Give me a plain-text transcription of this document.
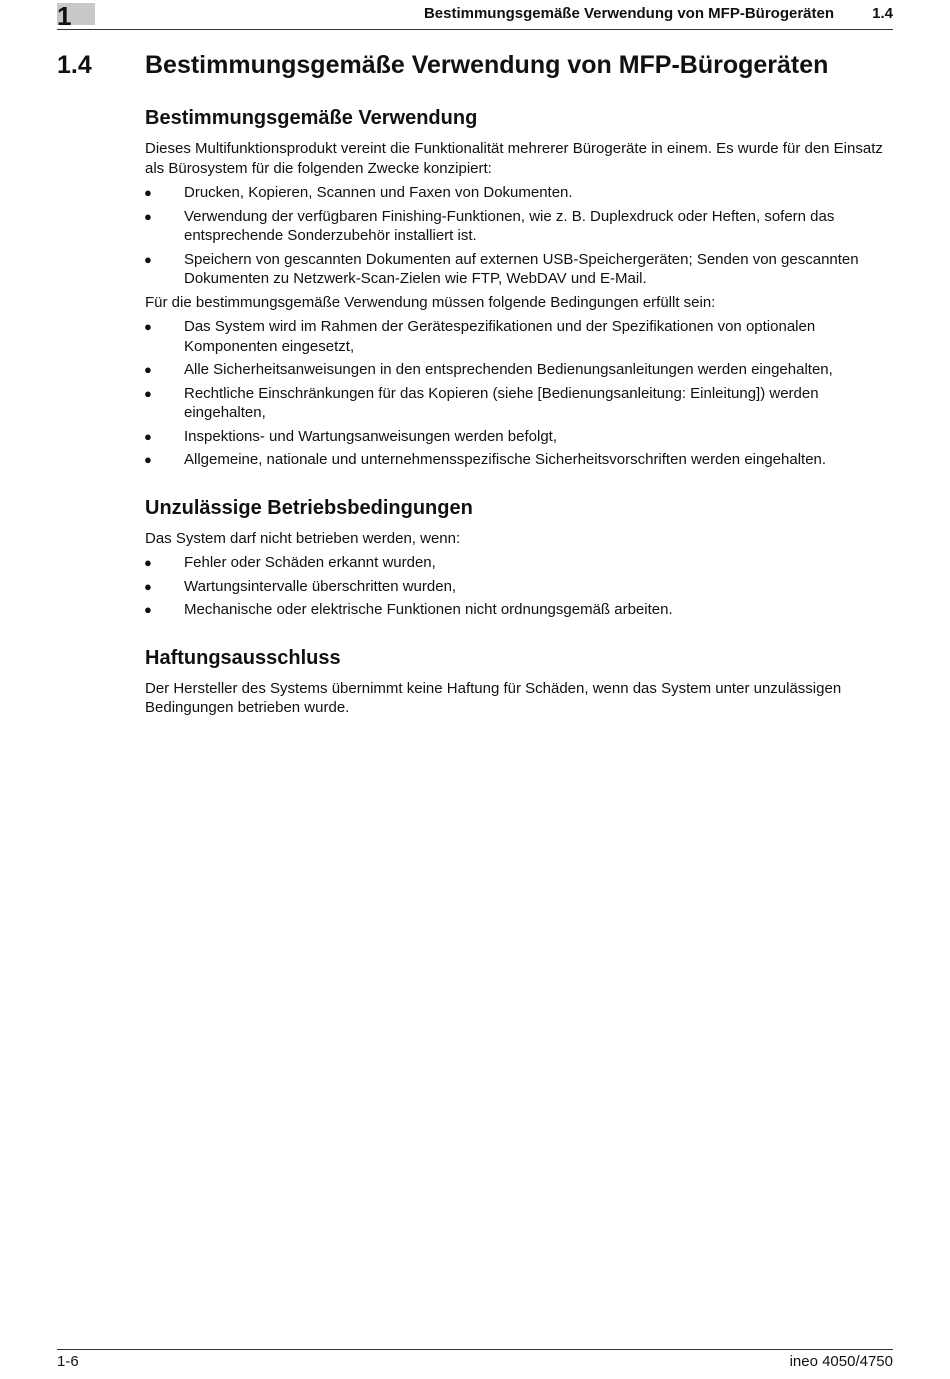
1	Bestimmungsgemäße Verwendung von MFP-Bürogeräten	1.4
1.4 Bestimmungsgemäße Verwendung von MFP-Bürogeräten
Bestimmungsgemäße Verwendung

Dieses Multifunktionsprodukt vereint die Funktionalität mehrerer Bürogeräte in einem. Es wurde für den Einsatz als Bürosystem für die folgenden Zwecke konzipiert:

● Drucken, Kopieren, Scannen und Faxen von Dokumenten.
● Verwendung der verfügbaren Finishing-Funktionen, wie z. B. Duplexdruck oder Heften, sofern das entsprechende Sonderzubehör installiert ist.
● Speichern von gescannten Dokumenten auf externen USB-Speichergeräten; Senden von gescannten Dokumenten zu Netzwerk-Scan-Zielen wie FTP, WebDAV und E-Mail.

Für die bestimmungsgemäße Verwendung müssen folgende Bedingungen erfüllt sein:

● Das System wird im Rahmen der Gerätespezifikationen und der Spezifikationen von optionalen Komponenten eingesetzt,
● Alle Sicherheitsanweisungen in den entsprechenden Bedienungsanleitungen werden eingehalten,
● Rechtliche Einschränkungen für das Kopieren (siehe [Bedienungsanleitung: Einleitung]) werden eingehalten,
● Inspektions- und Wartungsanweisungen werden befolgt,
● Allgemeine, nationale und unternehmensspezifische Sicherheitsvorschriften werden eingehalten.
Unzulässige Betriebsbedingungen

Das System darf nicht betrieben werden, wenn:

● Fehler oder Schäden erkannt wurden,
● Wartungsintervalle überschritten wurden,
● Mechanische oder elektrische Funktionen nicht ordnungsgemäß arbeiten.
Haftungsausschluss

Der Hersteller des Systems übernimmt keine Haftung für Schäden, wenn das System unter unzulässigen Bedingungen betrieben wurde.

1-6	ineo 4050/4750
